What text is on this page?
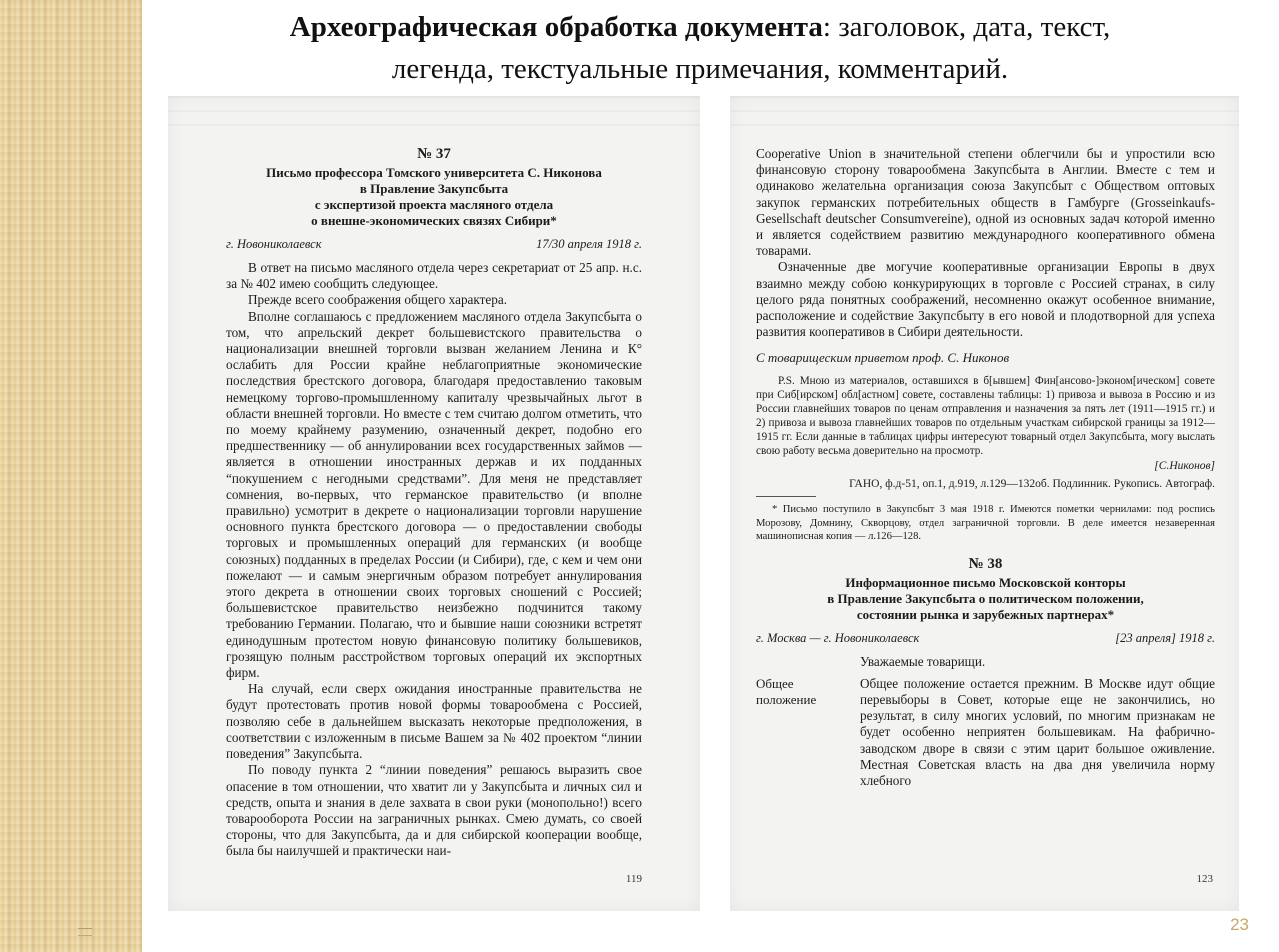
Археографическая обработка документа: заголовок, дата, текст,
легенда, текстуальные примечания, комментарий.
№ 37
Письмо профессора Томского университета С. Никонова
в Правление Закупсбыта
с экспертизой проекта масляного отдела
о внешне-экономических связях Сибири*
г. Новониколаевск	17/30 апреля 1918 г.

В ответ на письмо масляного отдела через секретариат от 25 апр. н.с. за № 402 имею сообщить следующее.

Прежде всего соображения общего характера.

Вполне соглашаюсь с предложением масляного отдела Закупсбыта о том, что апрельский декрет большевистского правительства о национализации внешней торговли вызван желанием Ленина и К° ослабить для России крайне неблагоприятные экономические последствия брестского договора, благодаря предоставленио таковым немецкому торгово-промышленному капиталу чрезвычайных льгот в области внешней торговли. Но вместе с тем считаю долгом отметить, что по моему крайнему разумению, означенный декрет, подобно его предшественнику — об аннулировании всех государственных займов — является в отношении иностранных держав и их подданных “покушением с негодными средствами”. Для меня не представляет сомнения, во-первых, что германское правительство (и вполне правильно) усмотрит в декрете о национализации торговли нарушение основного пункта брестского договора — о предоставлении свободы торговых и промышленных операций для германских (и вообще союзных) подданных в пределах России (и Сибири), где, с кем и чем они пожелают — и самым энергичным образом потребует аннулирования этого декрета в отношении своих торговых сношений с Россией; большевистское правительство неизбежно подчинится такому требованию Германии. Полагаю, что и бывшие наши союзники встретят единодушным протестом новую финансовую политику большевиков, грозящую полным расстройством торговых операций их экспортных фирм.

На случай, если сверх ожидания иностранные правительства не будут протестовать против новой формы товарообмена с Россией, позволяю себе в дальнейшем высказать некоторые предположения, в соответствии с изложенным в письме Вашем за № 402 проектом “линии поведения” Закупсбыта.

По поводу пункта 2 “линии поведения” решаюсь выразить свое опасение в том отношении, что хватит ли у Закупсбыта и личных сил и средств, опыта и знания в деле захвата в свои руки (монопольно!) всего товарооборота России на заграничных рынках. Смею думать, со своей стороны, что для Закупсбыта, да и для сибирской кооперации вообще, была бы наилучшей и практически наи-

119

Cooperative Union в значительной степени облегчили бы и упростили всю финансовую сторону товарообмена Закупсбыта в Англии. Вместе с тем и одинаково желательна организация союза Закупсбыт с Обществом оптовых закупок германских потребительных обществ в Гамбурге (Grosseinkaufs-Gesellschaft deutscher Consumvereine), одной из основных задач которой именно и является содействием развитию международного кооперативного обмена товарами.

Означенные две могучие кооперативные организации Европы в двух взаимно между собою конкурирующих в торговле с Россией странах, в силу целого ряда понятных соображений, несомненно окажут особенное внимание, расположение и содействие Закупсбыту в его новой и плодотворной для успеха развития кооперативов в Сибири деятельности.

С товарищеским приветом проф. С. Никонов

P.S. Мною из материалов, оставшихся в б[ывшем] Фин[ансово-]эконом[ическом] совете при Сиб[ирском] обл[астном] совете, составлены таблицы: 1) привоза и вывоза в Россию и из России главнейших товаров по ценам отправления и назначения за пять лет (1911—1915 гг.) и 2) привоза и вывоза главнейших товаров по отдельным участкам сибирской границы за 1912—1915 гг. Если данные в таблицах цифры интересуют товарный отдел Закупсбыта, могу выслать свою работу весьма доверительно на просмотр.

[С.Никонов]
ГАНО, ф.д-51, оп.1, д.919, л.129—132об. Подлинник. Рукопись. Автограф.

* Письмо поступило в Закупсбыт 3 мая 1918 г. Имеются пометки чернилами: под роспись Морозову, Домнину, Скворцову, отдел заграничной торговли. В деле имеется незаверенная машинописная копия — л.126—128.

№ 38
Информационное письмо Московской конторы
в Правление Закупсбыта о политическом положении,
состоянии рынка и зарубежных партнерах*
г. Москва — г. Новониколаевск	[23 апреля] 1918 г.
Уважаемые товарищи.
Общее положение
Общее положение остается прежним. В Москве идут общие перевыборы в Совет, которые еще не закончились, но результат, в силу многих условий, по многим признакам не будет особенно неприятен большевикам. На фабрично-заводском дворе в связи с этим царит большое оживление. Местная Советская власть на два дня увеличила норму хлебного
123
23
